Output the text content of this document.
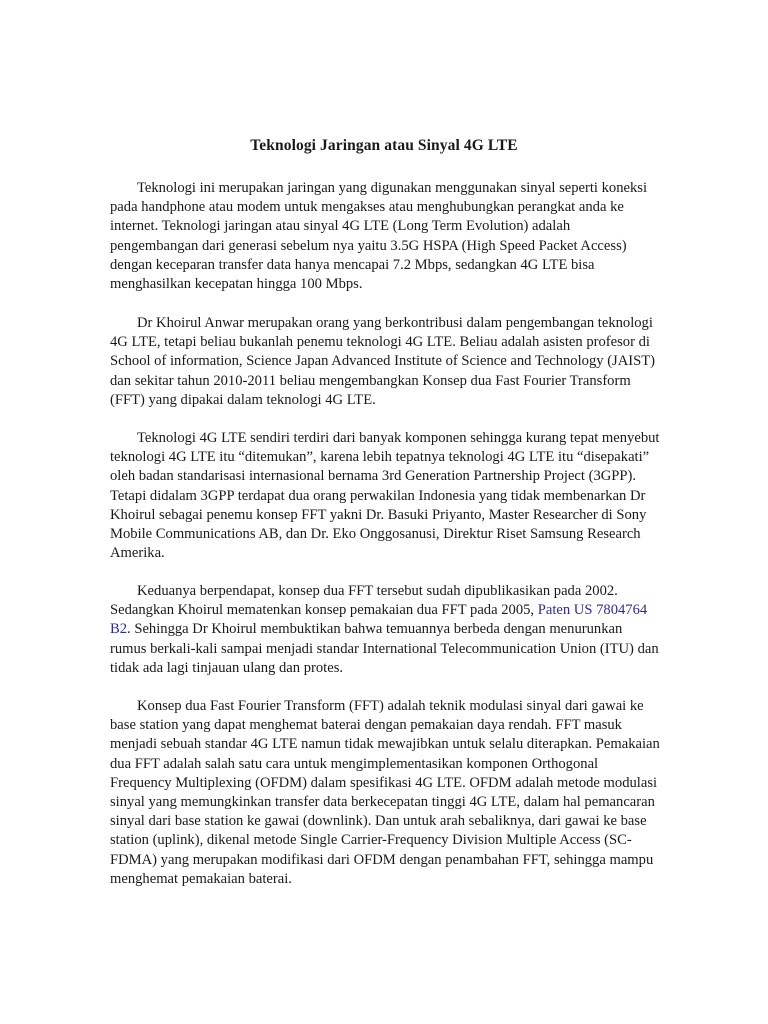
Teknologi Jaringan atau Sinyal 4G LTE

Teknologi ini merupakan jaringan yang digunakan menggunakan sinyal seperti koneksi pada handphone atau modem untuk mengakses atau menghubungkan perangkat anda ke internet. Teknologi jaringan atau sinyal 4G LTE (Long Term Evolution) adalah pengembangan dari generasi sebelum nya yaitu 3.5G HSPA (High Speed Packet Access) dengan keceparan transfer data hanya mencapai 7.2 Mbps, sedangkan 4G LTE bisa menghasilkan kecepatan hingga 100 Mbps.

Dr Khoirul Anwar merupakan orang yang berkontribusi dalam pengembangan teknologi 4G LTE, tetapi beliau bukanlah penemu teknologi 4G LTE. Beliau adalah asisten profesor di School of information, Science Japan Advanced Institute of Science and Technology (JAIST) dan sekitar tahun 2010-2011 beliau mengembangkan Konsep dua Fast Fourier Transform (FFT) yang dipakai dalam teknologi 4G LTE.

Teknologi 4G LTE sendiri terdiri dari banyak komponen sehingga kurang tepat menyebut teknologi 4G LTE itu “ditemukan”, karena lebih tepatnya teknologi 4G LTE itu “disepakati” oleh badan standarisasi internasional bernama 3rd Generation Partnership Project (3GPP). Tetapi didalam 3GPP terdapat dua orang perwakilan Indonesia yang tidak membenarkan Dr Khoirul sebagai penemu konsep FFT yakni Dr. Basuki Priyanto, Master Researcher di Sony Mobile Communications AB, dan Dr. Eko Onggosanusi, Direktur Riset Samsung Research Amerika.

Keduanya berpendapat, konsep dua FFT tersebut sudah dipublikasikan pada 2002. Sedangkan Khoirul mematenkan konsep pemakaian dua FFT pada 2005, Paten US 7804764 B2. Sehingga Dr Khoirul membuktikan bahwa temuannya berbeda dengan menurunkan rumus berkali-kali sampai menjadi standar International Telecommunication Union (ITU) dan tidak ada lagi tinjauan ulang dan protes.

Konsep dua Fast Fourier Transform (FFT) adalah teknik modulasi sinyal dari gawai ke base station yang dapat menghemat baterai dengan pemakaian daya rendah. FFT masuk menjadi sebuah standar 4G LTE namun tidak mewajibkan untuk selalu diterapkan. Pemakaian dua FFT adalah salah satu cara untuk mengimplementasikan komponen Orthogonal Frequency Multiplexing (OFDM) dalam spesifikasi 4G LTE. OFDM adalah metode modulasi sinyal yang memungkinkan transfer data berkecepatan tinggi 4G LTE, dalam hal pemancaran sinyal dari base station ke gawai (downlink). Dan untuk arah sebaliknya, dari gawai ke base station (uplink), dikenal metode Single Carrier-Frequency Division Multiple Access (SC-FDMA) yang merupakan modifikasi dari OFDM dengan penambahan FFT, sehingga mampu menghemat pemakaian baterai.
